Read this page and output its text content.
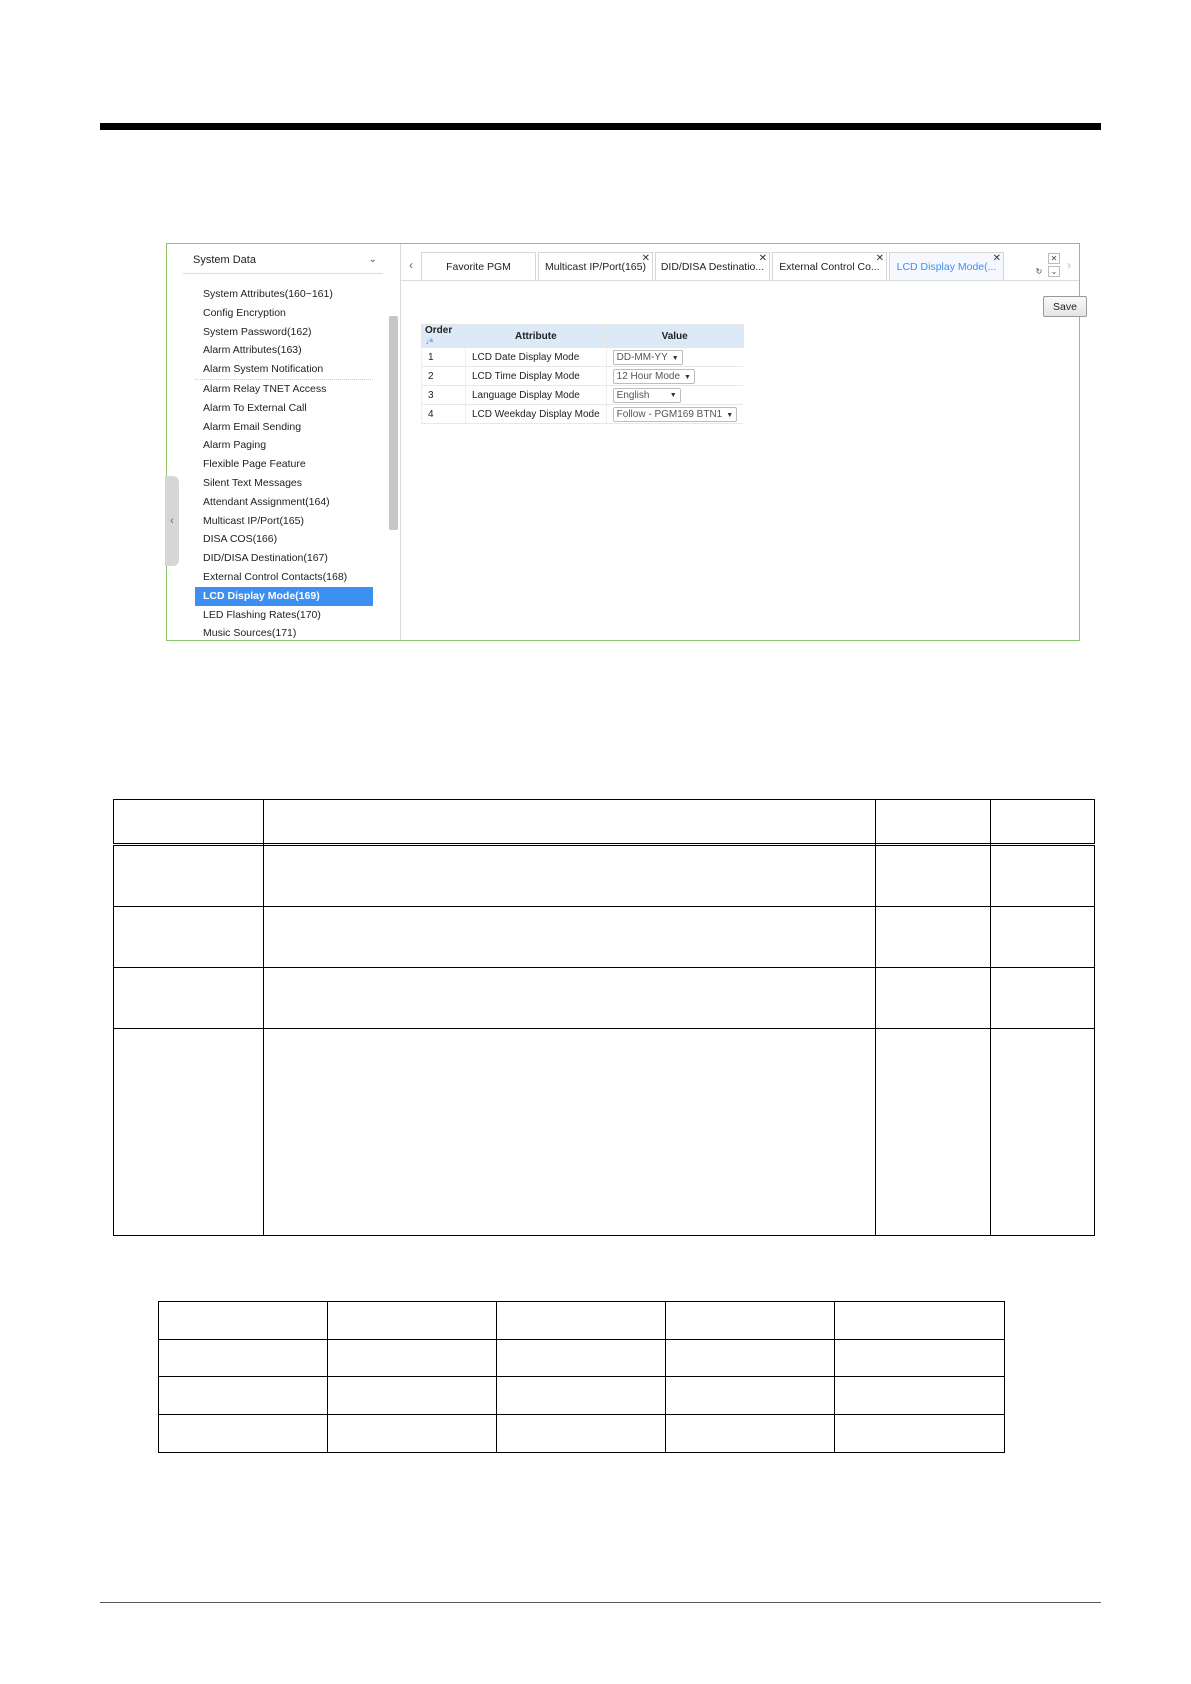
‹
System Data	⌄
System Attributes(160~161)
Config Encryption
System Password(162)
Alarm Attributes(163)
Alarm System Notification
Alarm Relay TNET Access
Alarm To External Call
Alarm Email Sending
Alarm Paging
Flexible Page Feature
Silent Text Messages
Attendant Assignment(164)
Multicast IP/Port(165)
DISA COS(166)
DID/DISA Destination(167)
External Control Contacts(168)
LCD Display Mode(169)
LED Flashing Rates(170)
Music Sources(171)
‹	Favorite PGM	Multicast IP/Port(165)
✕
DID/DISA Destinatio...
✕
External Control Co...
✕
LCD Display Mode(...
✕	✕
↻	⌄ ›
Save
Order ↓ᵃ	Attribute	Value
1	LCD Date Display Mode	DD-MM-YY ▼
2	LCD Time Display Mode	12 Hour Mode ▼
3	Language Display Mode	English ▼

4	LCD Weekday Display Mode	Follow - PGM169 BTN1 ▼
